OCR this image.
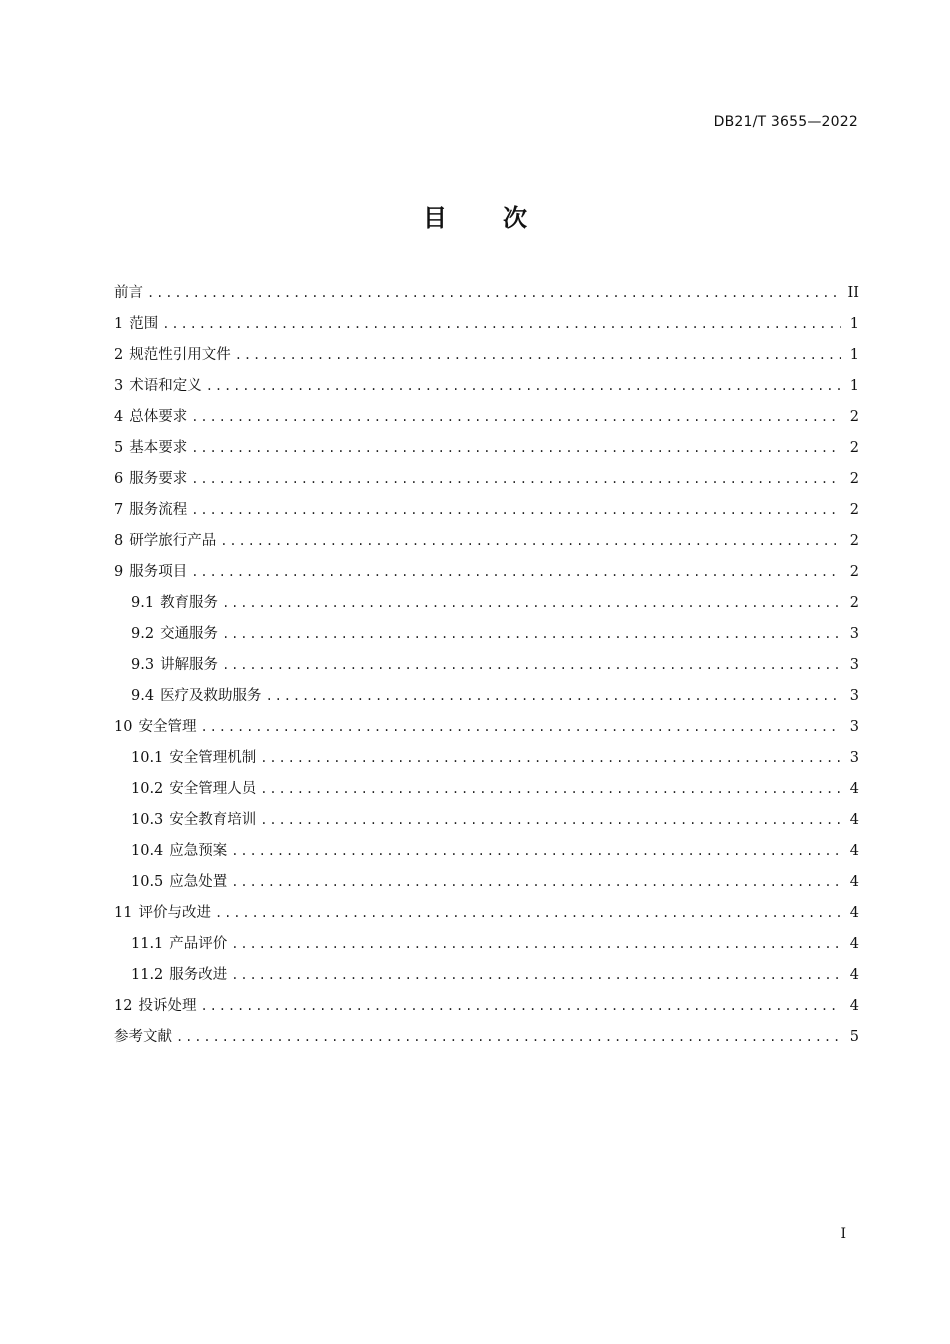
DB21/T 3655—2022
目次
前言 .....	II
1 范围 .....	1
2 规范性引用文件 .....	1
3 术语和定义 .....	1
4 总体要求 .....	2
5 基本要求 .....	2
6 服务要求 .....	2
7 服务流程 .....	2
8 研学旅行产品 .....	2
9 服务项目 .....	2
9.1 教育服务 .....	2
9.2 交通服务 .....	3
9.3 讲解服务 .....	3
9.4 医疗及救助服务 .....	3
10 安全管理 .....	3
10.1 安全管理机制 .....	3
10.2 安全管理人员 .....	4
10.3 安全教育培训 .....	4
10.4 应急预案 .....	4
10.5 应急处置 .....	4
11 评价与改进 .....	4
11.1 产品评价 .....	4
11.2 服务改进 .....	4
12 投诉处理 .....	4
参考文献 .....	5
I
